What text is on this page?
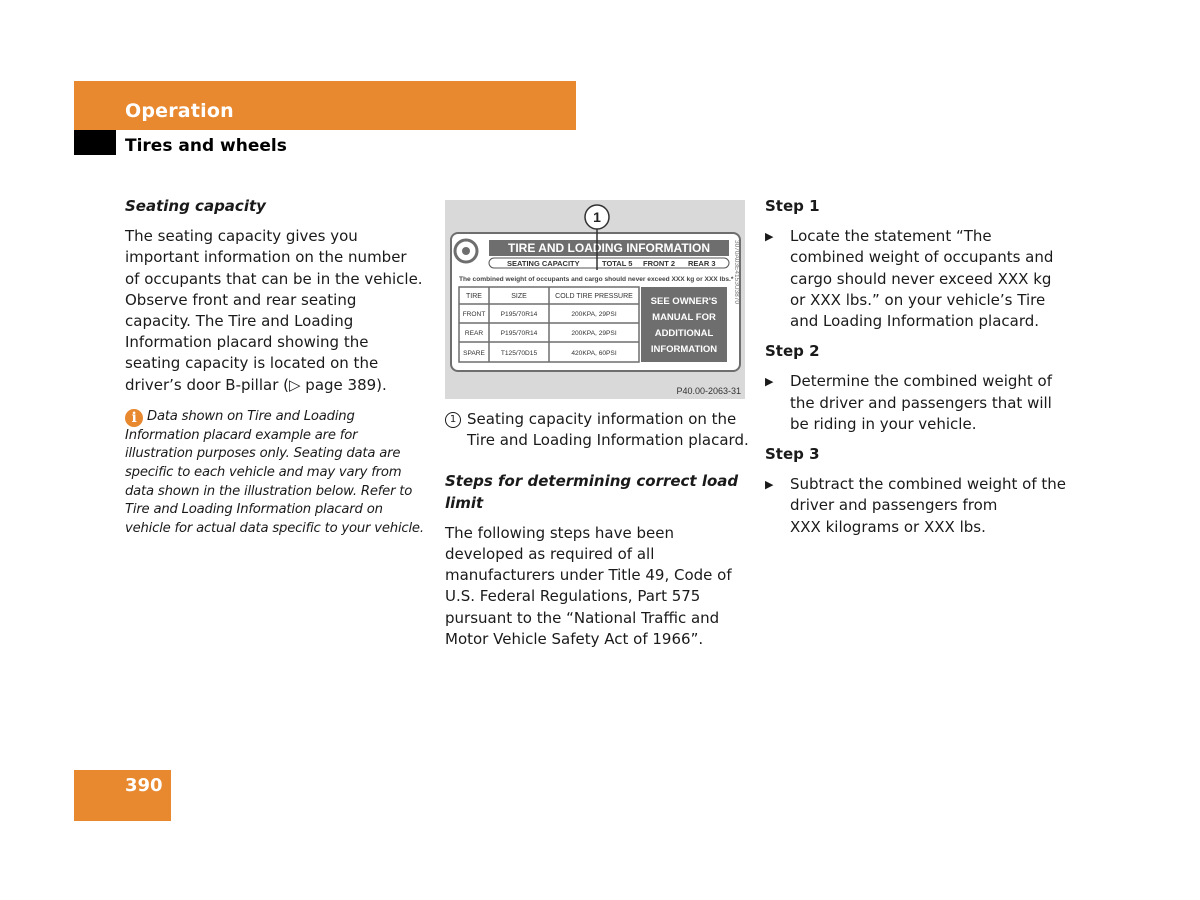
Operation
Tires and wheels
Seating capacity
The seating capacity gives you important information on the number of occupants that can be in the vehicle. Observe front and rear seating capacity. The Tire and Loading Information placard showing the seating capacity is located on the driver’s door B-pillar (▷ page 389).
i Data shown on Tire and Loading Information placard example are for illustration purposes only. Seating data are specific to each vehicle and may vary from data shown in the illustration below. Refer to Tire and Loading Information placard on vehicle for actual data specific to your vehicle.
1
TIRE AND LOADING INFORMATION
SEATING CAPACITY	TOTAL 5 FRONT 2 REAR 3
The combined weight of occupants and cargo should never exceed XXX kg or XXX lbs.*
TIRE	SIZE	COLD TIRE PRESSURE
FRONT P195/70R14	200KPA, 29PSI
REAR	P195/70R14	200KPA, 29PSI
SPARE T125/70D15	420KPA, 60PSI
SEE OWNER'S
MANUAL FOR
ADDITIONAL
INFORMATION
3070A03E4153U3870
P40.00-2063-31
1 Seating capacity information on the Tire and Loading Information placard.
Steps for determining correct load limit
The following steps have been developed as required of all manufacturers under Title 49, Code of U.S. Federal Regulations, Part 575 pursuant to the “National Traffic and Motor Vehicle Safety Act of 1966”.
Step 1
▶	Locate the statement “The combined weight of occupants and cargo should never exceed XXX kg or XXX lbs.” on your vehicle’s Tire and Loading Information placard.
Step 2
▶	Determine the combined weight of the driver and passengers that will be riding in your vehicle.
Step 3
▶	Subtract the combined weight of the driver and passengers from
XXX kilograms or XXX lbs.
390
